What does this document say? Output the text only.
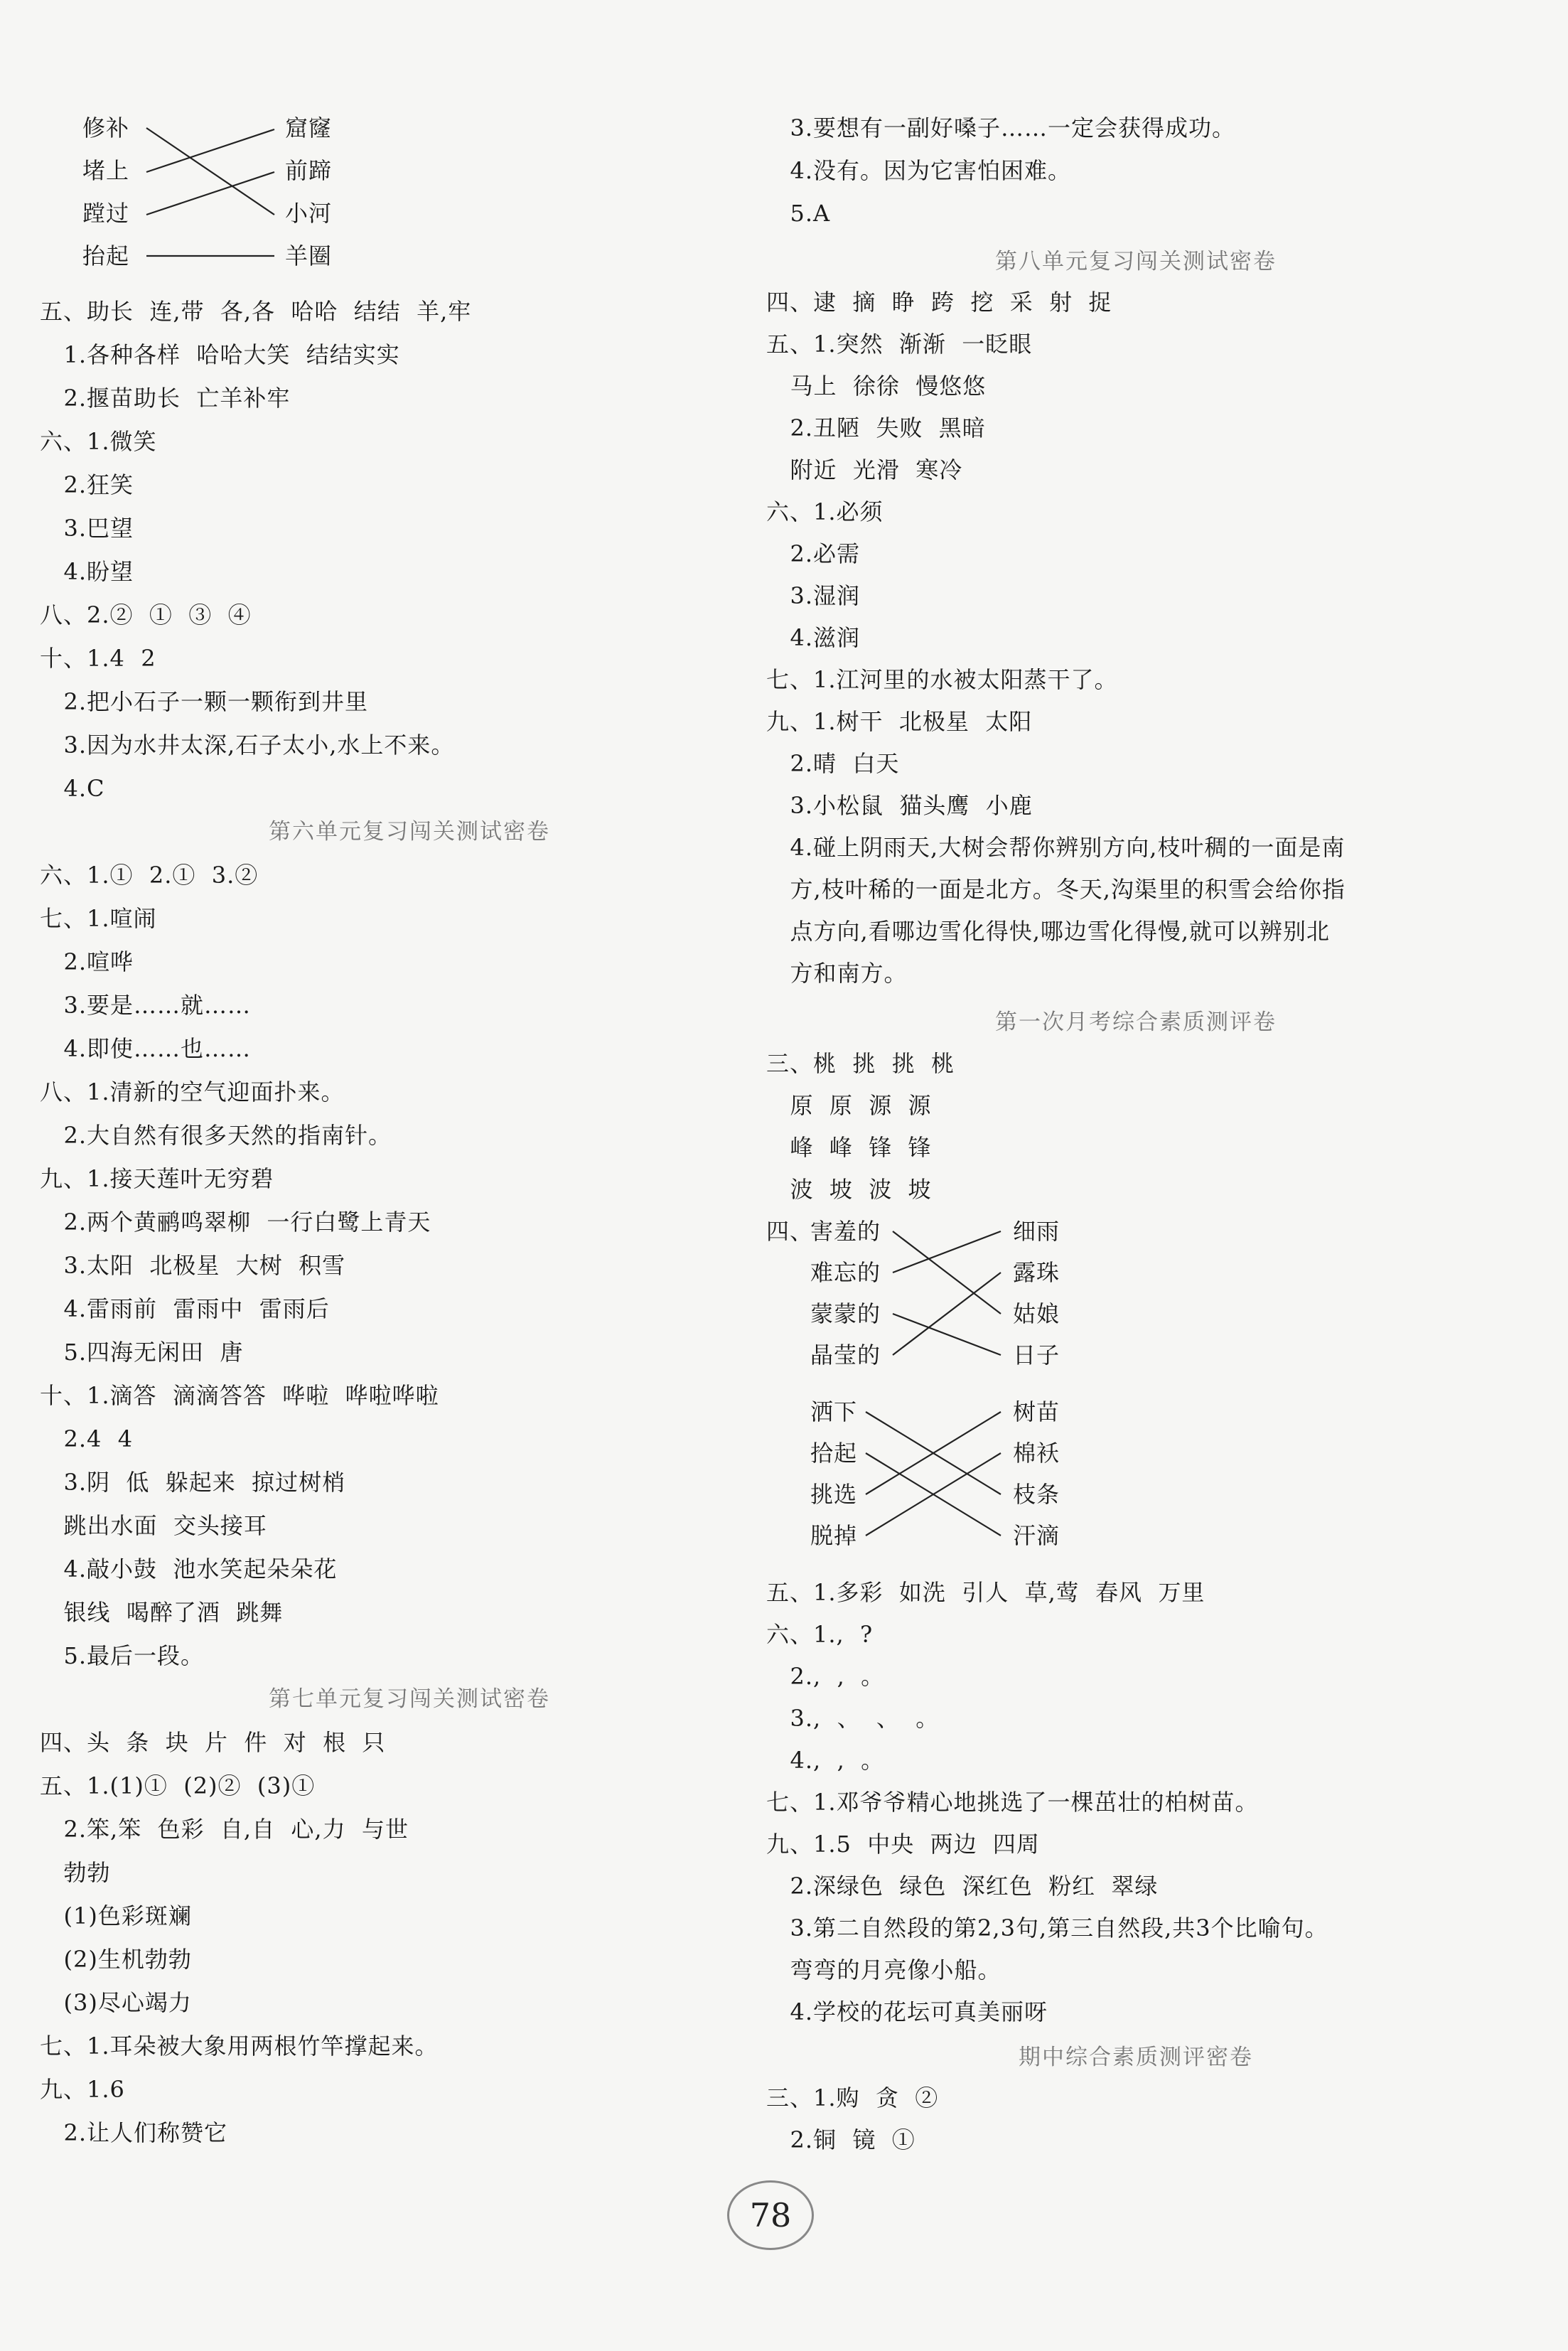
修补
堵上
蹚过
抬起
窟窿
前蹄
小河
羊圈
五、助长  连,带  各,各  哈哈  结结  羊,牢
1.各种各样  哈哈大笑  结结实实
2.揠苗助长  亡羊补牢
六、1.微笑
2.狂笑
3.巴望
4.盼望
八、2.②  ①  ③  ④
十、1.4  2
2.把小石子一颗一颗衔到井里
3.因为水井太深,石子太小,水上不来。
4.C
第六单元复习闯关测试密卷
六、1.①  2.①  3.②
七、1.喧闹
2.喧哗
3.要是……就……
4.即使……也……
八、1.清新的空气迎面扑来。
2.大自然有很多天然的指南针。
九、1.接天莲叶无穷碧
2.两个黄鹂鸣翠柳  一行白鹭上青天
3.太阳  北极星  大树  积雪
4.雷雨前  雷雨中  雷雨后
5.四海无闲田  唐
十、1.滴答  滴滴答答  哗啦  哗啦哗啦
2.4  4
3.阴  低  躲起来  掠过树梢
跳出水面  交头接耳
4.敲小鼓  池水笑起朵朵花
银线  喝醉了酒  跳舞
5.最后一段。
第七单元复习闯关测试密卷
四、头  条  块  片  件  对  根  只
五、1.(1)①  (2)②  (3)①
2.笨,笨  色彩  自,自  心,力  与世
勃勃
(1)色彩斑斓
(2)生机勃勃
(3)尽心竭力
七、1.耳朵被大象用两根竹竿撑起来。
九、1.6
2.让人们称赞它
3.要想有一副好嗓子……一定会获得成功。
4.没有。因为它害怕困难。
5.A
第八单元复习闯关测试密卷
四、逮  摘  睁  跨  挖  采  射  捉
五、1.突然  渐渐  一眨眼
马上  徐徐  慢悠悠
2.丑陋  失败  黑暗
附近  光滑  寒冷
六、1.必须
2.必需
3.湿润
4.滋润
七、1.江河里的水被太阳蒸干了。
九、1.树干  北极星  太阳
2.晴  白天
3.小松鼠  猫头鹰  小鹿
4.碰上阴雨天,大树会帮你辨别方向,枝叶稠的一面是南
方,枝叶稀的一面是北方。冬天,沟渠里的积雪会给你指
点方向,看哪边雪化得快,哪边雪化得慢,就可以辨别北
方和南方。
第一次月考综合素质测评卷
三、桃  挑  挑  桃
原  原  源  源
峰  峰  锋  锋
波  坡  波  坡
四、
害羞的
难忘的
蒙蒙的
晶莹的
细雨
露珠
姑娘
日子
洒下
拾起
挑选
脱掉
树苗
棉袄
枝条
汗滴
五、1.多彩  如洗  引人  草,莺  春风  万里
六、1.,  ?
2.,  ,  。
3.,  、  、  。
4.,  ,  。
七、1.邓爷爷精心地挑选了一棵茁壮的柏树苗。
九、1.5  中央  两边  四周
2.深绿色  绿色  深红色  粉红  翠绿
3.第二自然段的第2,3句,第三自然段,共3个比喻句。
弯弯的月亮像小船。
4.学校的花坛可真美丽呀
期中综合素质测评密卷
三、1.购  贪  ②
2.铜  镜  ①
78
